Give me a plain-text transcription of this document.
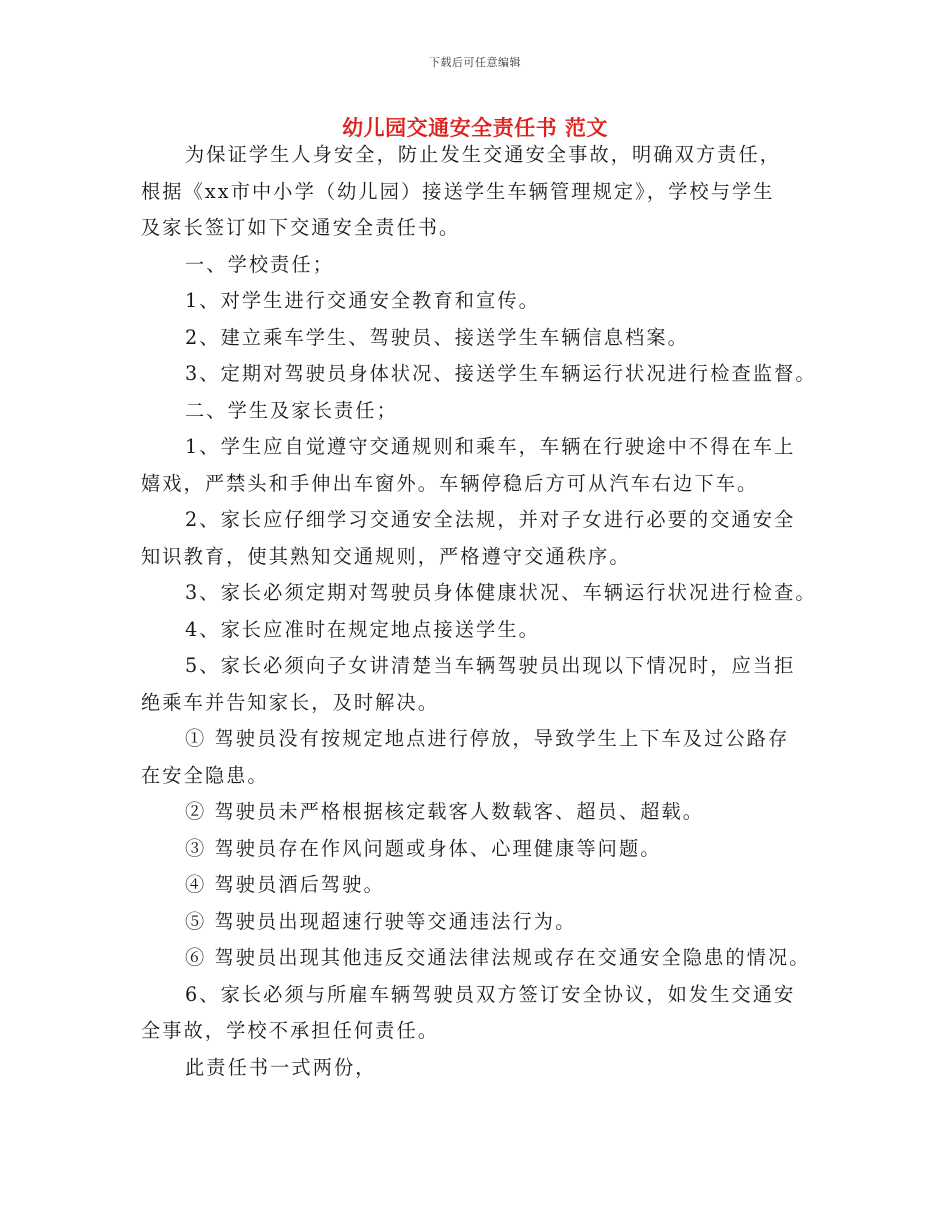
下载后可任意编辑
幼儿园交通安全责任书 范文
为保证学生人身安全，防止发生交通安全事故，明确双方责任，
根据《xx市中小学（幼儿园）接送学生车辆管理规定》，学校与学生
及家长签订如下交通安全责任书。
一、学校责任；
1、对学生进行交通安全教育和宣传。
2、建立乘车学生、驾驶员、接送学生车辆信息档案。
3、定期对驾驶员身体状况、接送学生车辆运行状况进行检查监督。
二、学生及家长责任；
1、学生应自觉遵守交通规则和乘车，车辆在行驶途中不得在车上
嬉戏，严禁头和手伸出车窗外。车辆停稳后方可从汽车右边下车。
2、家长应仔细学习交通安全法规，并对子女进行必要的交通安全
知识教育，使其熟知交通规则，严格遵守交通秩序。
3、家长必须定期对驾驶员身体健康状况、车辆运行状况进行检查。
4、家长应准时在规定地点接送学生。
5、家长必须向子女讲清楚当车辆驾驶员出现以下情况时，应当拒
绝乘车并告知家长，及时解决。
① 驾驶员没有按规定地点进行停放，导致学生上下车及过公路存
在安全隐患。
② 驾驶员未严格根据核定载客人数载客、超员、超载。
③ 驾驶员存在作风问题或身体、心理健康等问题。
④ 驾驶员酒后驾驶。
⑤ 驾驶员出现超速行驶等交通违法行为。
⑥ 驾驶员出现其他违反交通法律法规或存在交通安全隐患的情况。
6、家长必须与所雇车辆驾驶员双方签订安全协议，如发生交通安
全事故，学校不承担任何责任。
此责任书一式两份，
